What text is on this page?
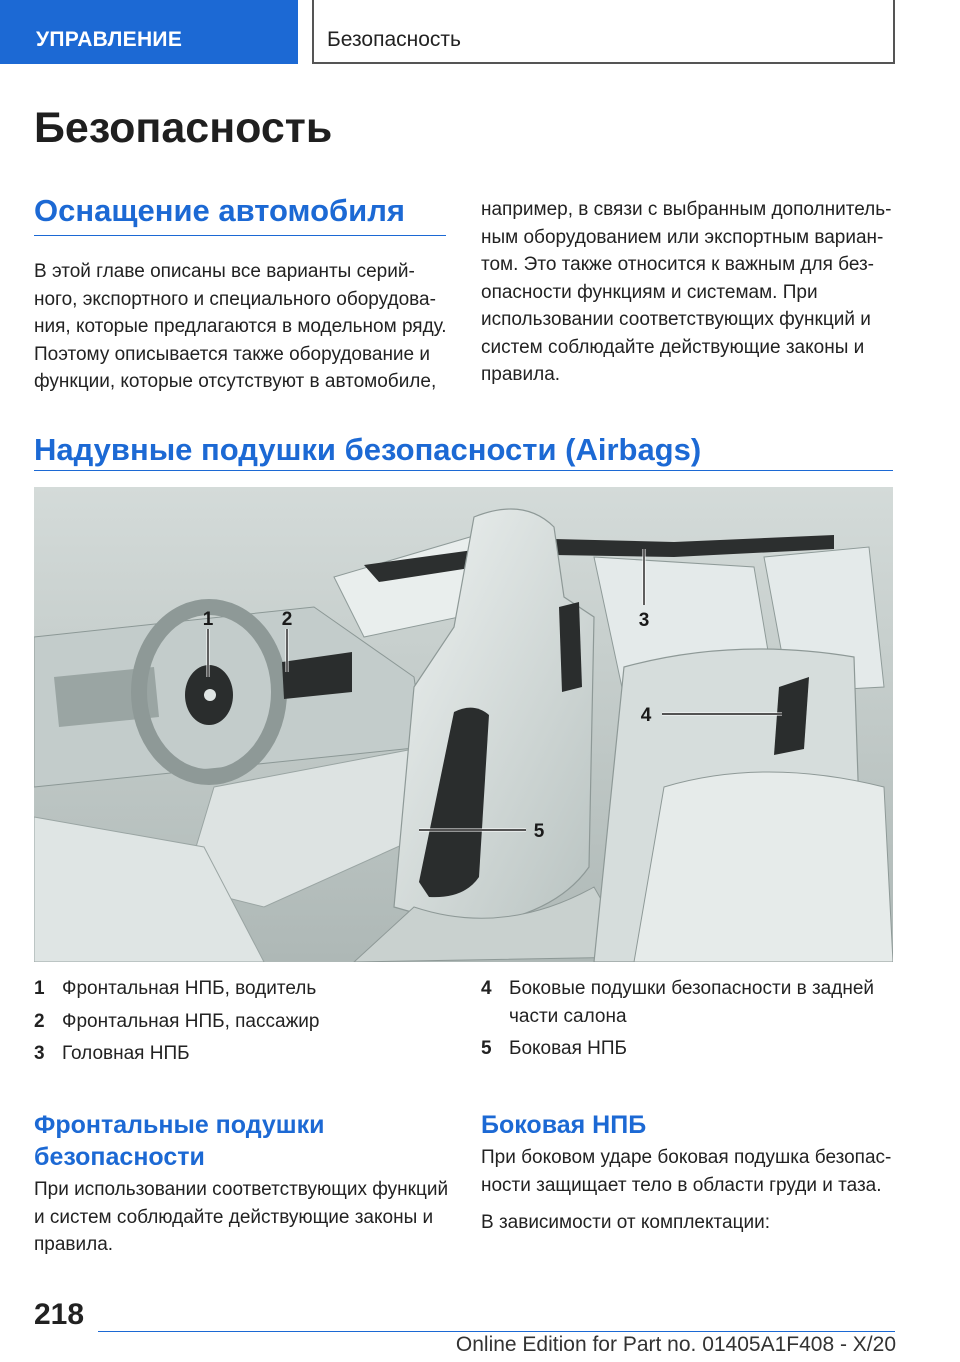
УПРАВЛЕНИЕ	Безопасность
Безопасность
Оснащение автомобиля
В этой главе описаны все варианты серий-
ного, экспортного и специального оборудова-
ния, которые предлагаются в модельном ряду.
Поэтому описывается также оборудование и
функции, которые отсутствуют в автомобиле,
например, в связи с выбранным дополнитель-
ным оборудованием или экспортным вариан-
том. Это также относится к важным для без-
опасности функциям и системам. При
использовании соответствующих функций и
систем соблюдайте действующие законы и
правила.
Надувные подушки безопасности (Airbags)
1	2	3
4
5
1 Фронтальная НПБ, водитель
2 Фронтальная НПБ, пассажир
3 Головная НПБ
4 Боковые подушки безопасности в задней
части салона
5 Боковая НПБ
Фронтальные подушки
безопасности
При использовании соответствующих функций
и систем соблюдайте действующие законы и
правила.
Боковая НПБ
При боковом ударе боковая подушка безопас-
ности защищает тело в области груди и таза.
В зависимости от комплектации:
218
Online Edition for Part no. 01405A1F408 - X/20
